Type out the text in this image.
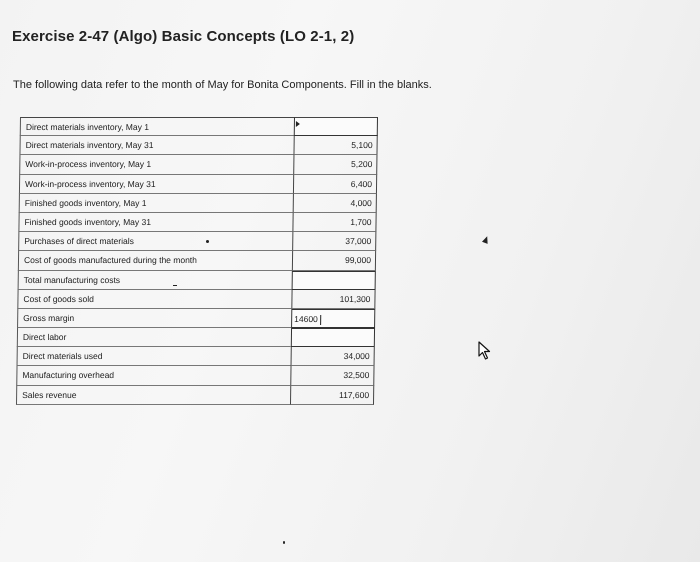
Exercise 2-47 (Algo) Basic Concepts (LO 2-1, 2)
The following data refer to the month of May for Bonita Components. Fill in the blanks.
Direct materials inventory, May 1
Direct materials inventory, May 31	5,100
Work-in-process inventory, May 1	5,200
Work-in-process inventory, May 31	6,400
Finished goods inventory, May 1	4,000
Finished goods inventory, May 31	1,700
Purchases of direct materials	37,000
Cost of goods manufactured during the month	99,000
Total manufacturing costs
Cost of goods sold	101,300
Gross margin	14600
Direct labor
Direct materials used	34,000
Manufacturing overhead	32,500
Sales revenue	117,600
